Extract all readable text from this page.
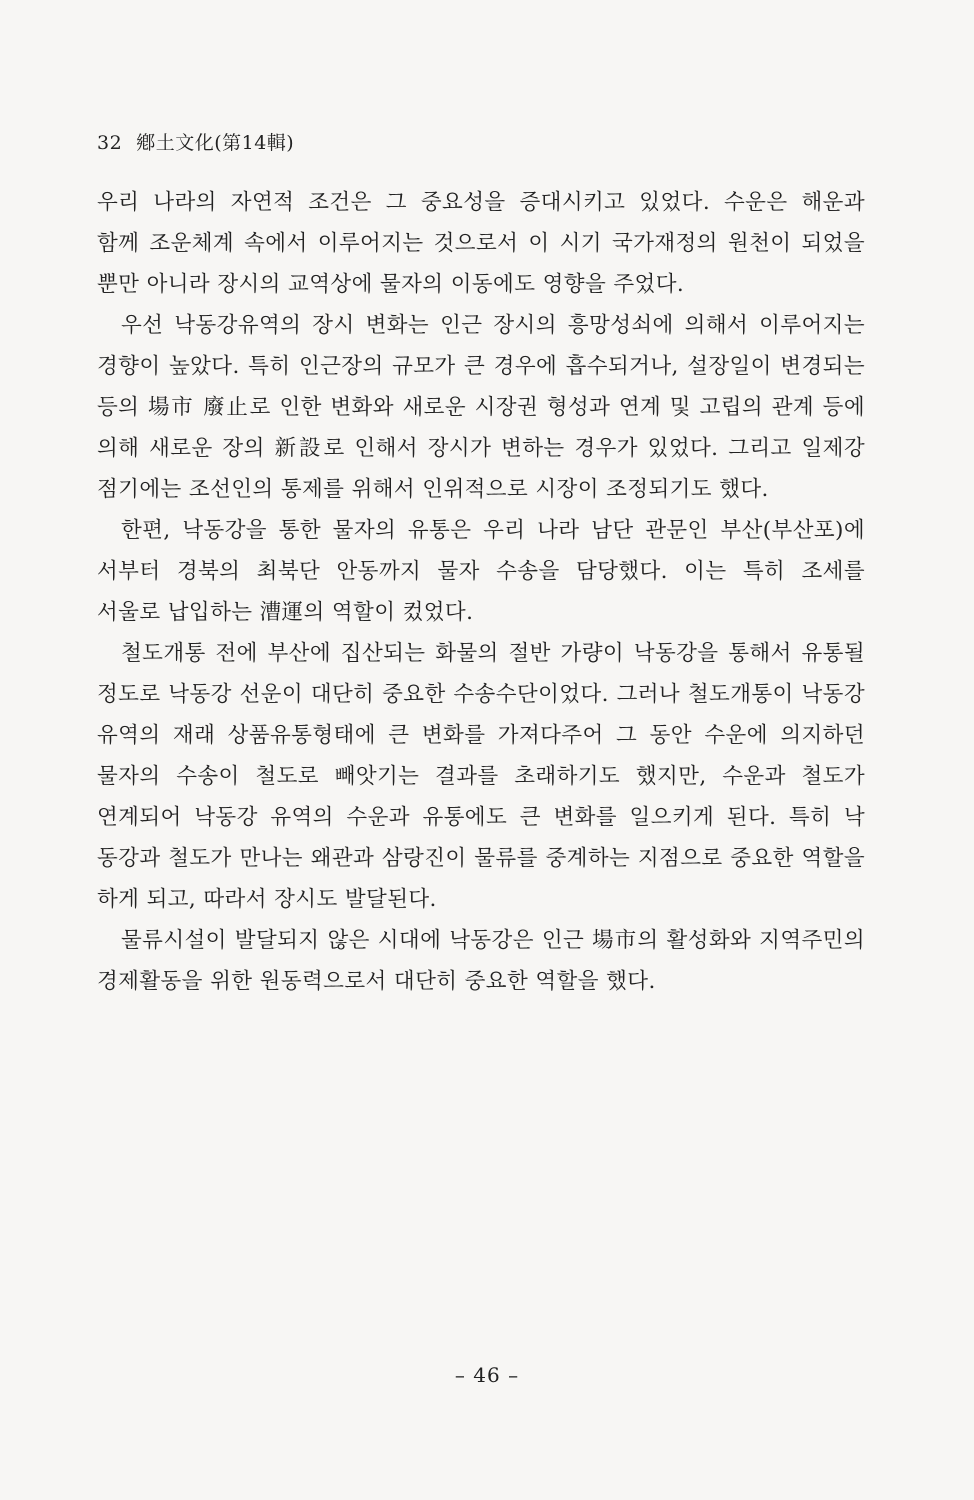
32 鄕土文化(第14輯)
우리 나라의 자연적 조건은 그 중요성을 증대시키고 있었다. 수운은 해운과
함께 조운체계 속에서 이루어지는 것으로서 이 시기 국가재정의 원천이 되었을
뿐만 아니라 장시의 교역상에 물자의 이동에도 영향을 주었다.
우선 낙동강유역의 장시 변화는 인근 장시의 흥망성쇠에 의해서 이루어지는
경향이 높았다. 특히 인근장의 규모가 큰 경우에 흡수되거나, 설장일이 변경되는
등의 場市 廢止로 인한 변화와 새로운 시장권 형성과 연계 및 고립의 관계 등에
의해 새로운 장의 新設로 인해서 장시가 변하는 경우가 있었다. 그리고 일제강
점기에는 조선인의 통제를 위해서 인위적으로 시장이 조정되기도 했다.
한편, 낙동강을 통한 물자의 유통은 우리 나라 남단 관문인 부산(부산포)에
서부터 경북의 최북단 안동까지 물자 수송을 담당했다. 이는 특히 조세를
서울로 납입하는 漕運의 역할이 컸었다.
철도개통 전에 부산에 집산되는 화물의 절반 가량이 낙동강을 통해서 유통될
정도로 낙동강 선운이 대단히 중요한 수송수단이었다. 그러나 철도개통이 낙동강
유역의 재래 상품유통형태에 큰 변화를 가져다주어 그 동안 수운에 의지하던
물자의 수송이 철도로 빼앗기는 결과를 초래하기도 했지만, 수운과 철도가
연계되어 낙동강 유역의 수운과 유통에도 큰 변화를 일으키게 된다. 특히 낙
동강과 철도가 만나는 왜관과 삼랑진이 물류를 중계하는 지점으로 중요한 역할을
하게 되고, 따라서 장시도 발달된다.
물류시설이 발달되지 않은 시대에 낙동강은 인근 場市의 활성화와 지역주민의
경제활동을 위한 원동력으로서 대단히 중요한 역할을 했다.
– 46 –
